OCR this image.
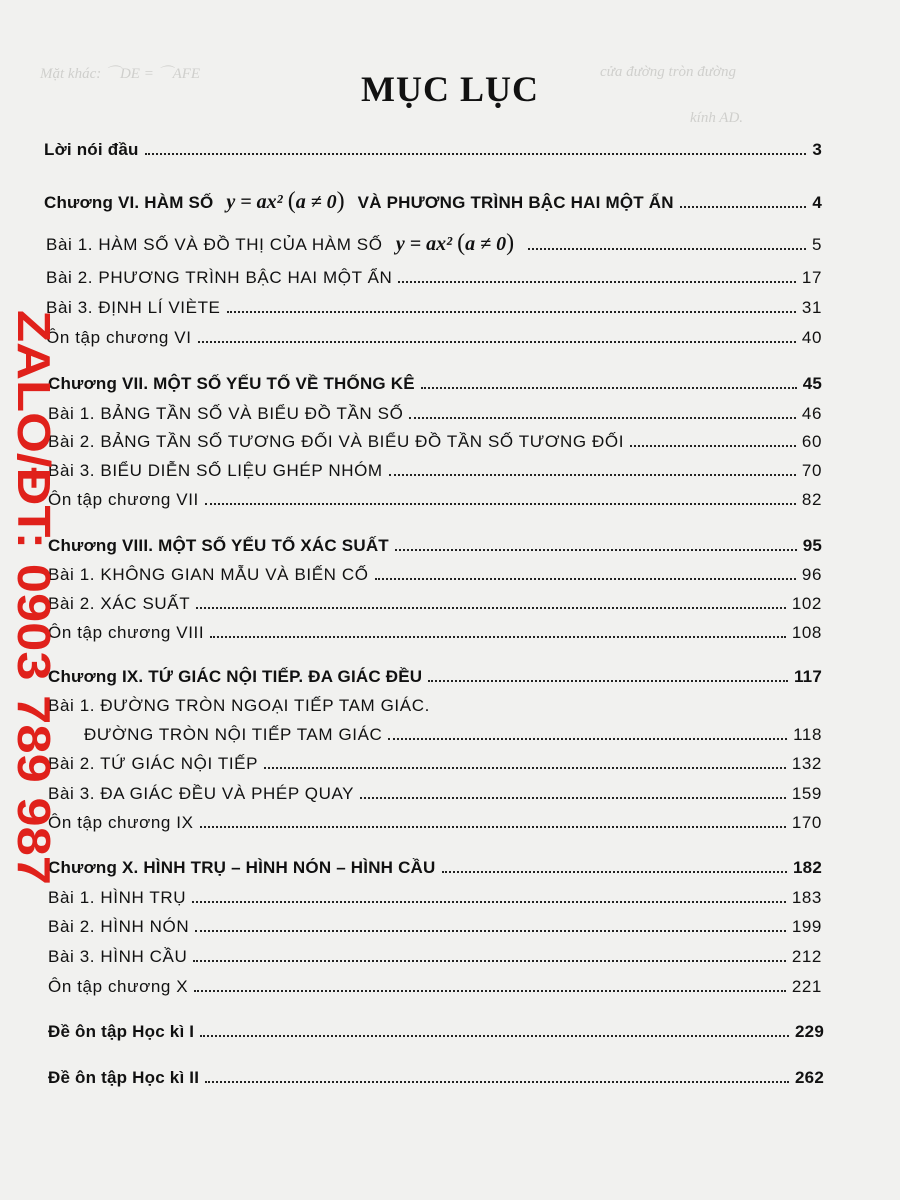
Mặt khác: ⌒DE = ⌒AFE	cửa đường tròn đường
kính AD.
MỤC LỤC
Lời nói đầu	3
Chương VI. HÀM SỐ y = ax² (a ≠ 0) VÀ PHƯƠNG TRÌNH BẬC HAI MỘT ẨN	4
Bài 1. HÀM SỐ VÀ ĐỒ THỊ CỦA HÀM SỐ y = ax² (a ≠ 0)	5
Bài 2. PHƯƠNG TRÌNH BẬC HAI MỘT ẨN	17
Bài 3. ĐỊNH LÍ VIÈTE	31
Ôn tập chương VI	40
Chương VII. MỘT SỐ YẾU TỐ VỀ THỐNG KÊ	45
Bài 1. BẢNG TẦN SỐ VÀ BIỂU ĐỒ TẦN SỐ	46
Bài 2. BẢNG TẦN SỐ TƯƠNG ĐỐI VÀ BIỂU ĐỒ TẦN SỐ TƯƠNG ĐỐI	60
Bài 3. BIỂU DIỄN SỐ LIỆU GHÉP NHÓM	70
Ôn tập chương VII	82
Chương VIII. MỘT SỐ YẾU TỐ XÁC SUẤT	95
Bài 1. KHÔNG GIAN MẪU VÀ BIẾN CỐ	96
Bài 2. XÁC SUẤT	102
Ôn tập chương VIII	108
Chương IX. TỨ GIÁC NỘI TIẾP. ĐA GIÁC ĐỀU	117
Bài 1. ĐƯỜNG TRÒN NGOẠI TIẾP TAM GIÁC.
ĐƯỜNG TRÒN NỘI TIẾP TAM GIÁC	118
Bài 2. TỨ GIÁC NỘI TIẾP	132
Bài 3. ĐA GIÁC ĐỀU VÀ PHÉP QUAY	159
Ôn tập chương IX	170
Chương X. HÌNH TRỤ – HÌNH NÓN – HÌNH CẦU	182
Bài 1. HÌNH TRỤ	183
Bài 2. HÌNH NÓN	199
Bài 3. HÌNH CẦU	212
Ôn tập chương X	221
Đề ôn tập Học kì I	229
Đề ôn tập Học kì II	262
ZALO/ĐT: 0903 789 987
